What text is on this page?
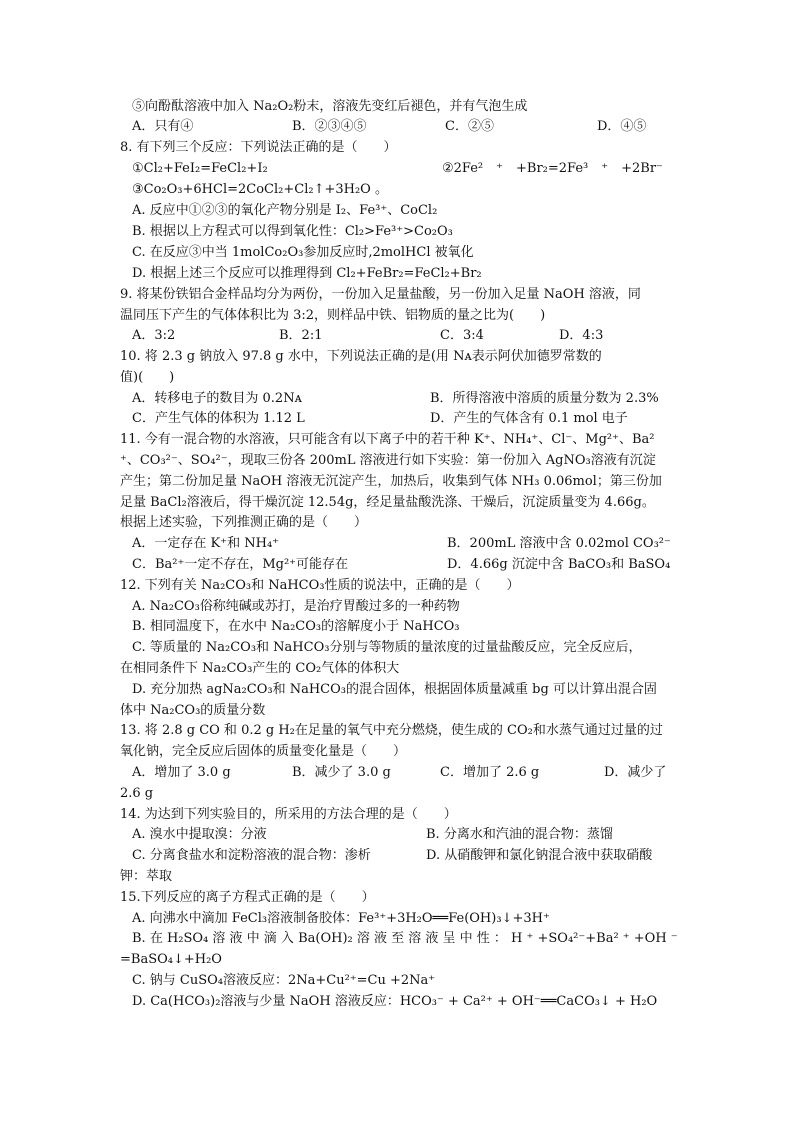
⑤向酚酞溶液中加入 Na₂O₂粉末，溶液先变红后褪色，并有气泡生成
A．只有④	B．②③④⑤	C．②⑤	D．④⑤
8. 有下列三个反应：下列说法正确的是（　　）
①Cl₂+FeI₂=FeCl₂+I₂	②2Fe²　⁺　+Br₂=2Fe³　⁺　+2Br⁻
③Co₂O₃+6HCl=2CoCl₂+Cl₂↑+3H₂O 。
A. 反应中①②③的氧化产物分别是 I₂、Fe³⁺、CoCl₂
B. 根据以上方程式可以得到氧化性：Cl₂>Fe³⁺>Co₂O₃
C. 在反应③中当 1molCo₂O₃参加反应时,2molHCl 被氧化
D. 根据上述三个反应可以推理得到 Cl₂+FeBr₂=FeCl₂+Br₂
9. 将某份铁铝合金样品均分为两份，一份加入足量盐酸，另一份加入足量 NaOH 溶液，同
温同压下产生的气体体积比为 3:2，则样品中铁、铝物质的量之比为(　　)
A．3:2	B．2:1	C．3:4	D．4:3
10. 将 2.3 g 钠放入 97.8 g 水中，下列说法正确的是(用 Nᴀ表示阿伏加德罗常数的
值)(　　)
A．转移电子的数目为 0.2Nᴀ	B．所得溶液中溶质的质量分数为 2.3%
C．产生气体的体积为 1.12 L	D．产生的气体含有 0.1 mol 电子
11. 今有一混合物的水溶液，只可能含有以下离子中的若干种 K⁺、NH₄⁺、Cl⁻、Mg²⁺、Ba²
⁺、CO₃²⁻、SO₄²⁻，现取三份各 200mL 溶液进行如下实验：第一份加入 AgNO₃溶液有沉淀
产生；第二份加足量 NaOH 溶液无沉淀产生，加热后，收集到气体 NH₃ 0.06mol；第三份加
足量 BaCl₂溶液后，得干燥沉淀 12.54g，经足量盐酸洗涤、干燥后，沉淀质量变为 4.66g。
根据上述实验，下列推测正确的是（　　）
A．一定存在 K⁺和 NH₄⁺	B．200mL 溶液中含 0.02mol CO₃²⁻
C．Ba²⁺一定不存在，Mg²⁺可能存在	D．4.66g 沉淀中含 BaCO₃和 BaSO₄
12. 下列有关 Na₂CO₃和 NaHCO₃性质的说法中，正确的是（　　）
A. Na₂CO₃俗称纯碱或苏打，是治疗胃酸过多的一种药物
B. 相同温度下，在水中 Na₂CO₃的溶解度小于 NaHCO₃
C. 等质量的 Na₂CO₃和 NaHCO₃分别与等物质的量浓度的过量盐酸反应，完全反应后，
在相同条件下 Na₂CO₃产生的 CO₂气体的体积大
D. 充分加热 agNa₂CO₃和 NaHCO₃的混合固体，根据固体质量减重 bg 可以计算出混合固
体中 Na₂CO₃的质量分数
13. 将 2.8 g CO 和 0.2 g H₂在足量的氧气中充分燃烧，使生成的 CO₂和水蒸气通过过量的过
氧化钠，完全反应后固体的质量变化量是（　　）
A．增加了 3.0 g	B．减少了 3.0 g	C．增加了 2.6 g	D．减少了
2.6 g
14. 为达到下列实验目的，所采用的方法合理的是（　　）
A. 溴水中提取溴：分液	B. 分离水和汽油的混合物：蒸馏
C. 分离食盐水和淀粉溶液的混合物：渗析	D. 从硝酸钾和氯化钠混合液中获取硝酸
钾：萃取
15.下列反应的离子方程式正确的是（　　）
A. 向沸水中滴加 FeCl₃溶液制备胶体：Fe³⁺+3H₂O══Fe(OH)₃↓+3H⁺
B. 在 H₂SO₄ 溶 液 中 滴 入 Ba(OH)₂ 溶 液 至 溶 液 呈 中 性 ： H ⁺ +SO₄²⁻+Ba² ⁺ +OH ⁻
=BaSO₄↓+H₂O
C. 钠与 CuSO₄溶液反应：2Na+Cu²⁺=Cu +2Na⁺
D. Ca(HCO₃)₂溶液与少量 NaOH 溶液反应：HCO₃⁻ + Ca²⁺ + OH⁻══CaCO₃↓ + H₂O
